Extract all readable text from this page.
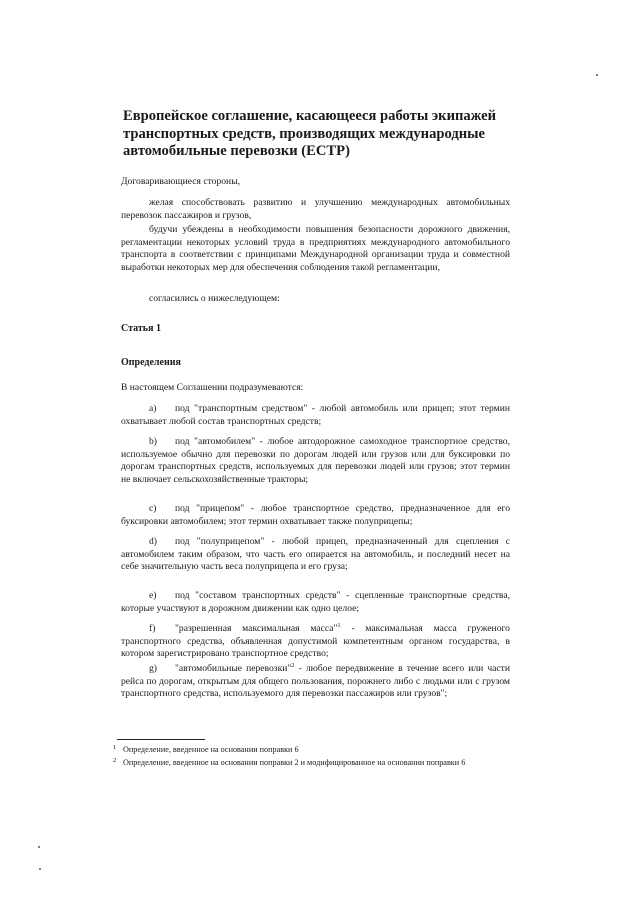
Европейское соглашение, касающееся работы экипажей транспортных средств, производящих международные автомобильные перевозки (ЕСТР)

Договаривающиеся стороны,

желая способствовать развитию и улучшению международных автомобильных перевозок пассажиров и грузов,

будучи убеждены в необходимости повышения безопасности дорожного движения, регламентации некоторых условий труда в предприятиях международного автомобильного транспорта в соответствии с принципами Международной организации труда и совместной выработки некоторых мер для обеспечения соблюдения такой регламентации,

согласились о нижеследующем:

Статья 1
Определения

В настоящем Соглашении подразумеваются:

a) под "транспортным средством" - любой автомобиль или прицеп; этот термин охватывает любой состав транспортных средств;

b) под "автомобилем" - любое автодорожное самоходное транспортное средство, используемое обычно для перевозки по дорогам людей или грузов или для буксировки по дорогам транспортных средств, используемых для перевозки людей или грузов; этот термин не включает сельскохозяйственные тракторы;

c) под "прицепом" - любое транспортное средство, предназначенное для его буксировки автомобилем; этот термин охватывает также полуприцепы;

d) под "полуприцепом" - любой прицеп, предназначенный для сцепления с автомобилем таким образом, что часть его опирается на автомобиль, и последний несет на себе значительную часть веса полуприцепа и его груза;

e) под "составом транспортных средств" - сцепленные транспортные средства, которые участвуют в дорожном движении как одно целое;

f) "разрешенная максимальная масса"$^1$ - максимальная масса груженого транспортного средства, объявленная допустимой компетентным органом государства, в котором зарегистрировано транспортное средство;

g) "автомобильные перевозки"$^2$ - любое передвижение в течение всего или части рейса по дорогам, открытым для общего пользования, порожнего либо с людьми или с грузом транспортного средства, используемого для перевозки пассажиров или грузов";

1 Определение, введенное на основании поправки 6

2 Определение, введенное на основании поправки 2 и модифицированное на основании поправки 6
